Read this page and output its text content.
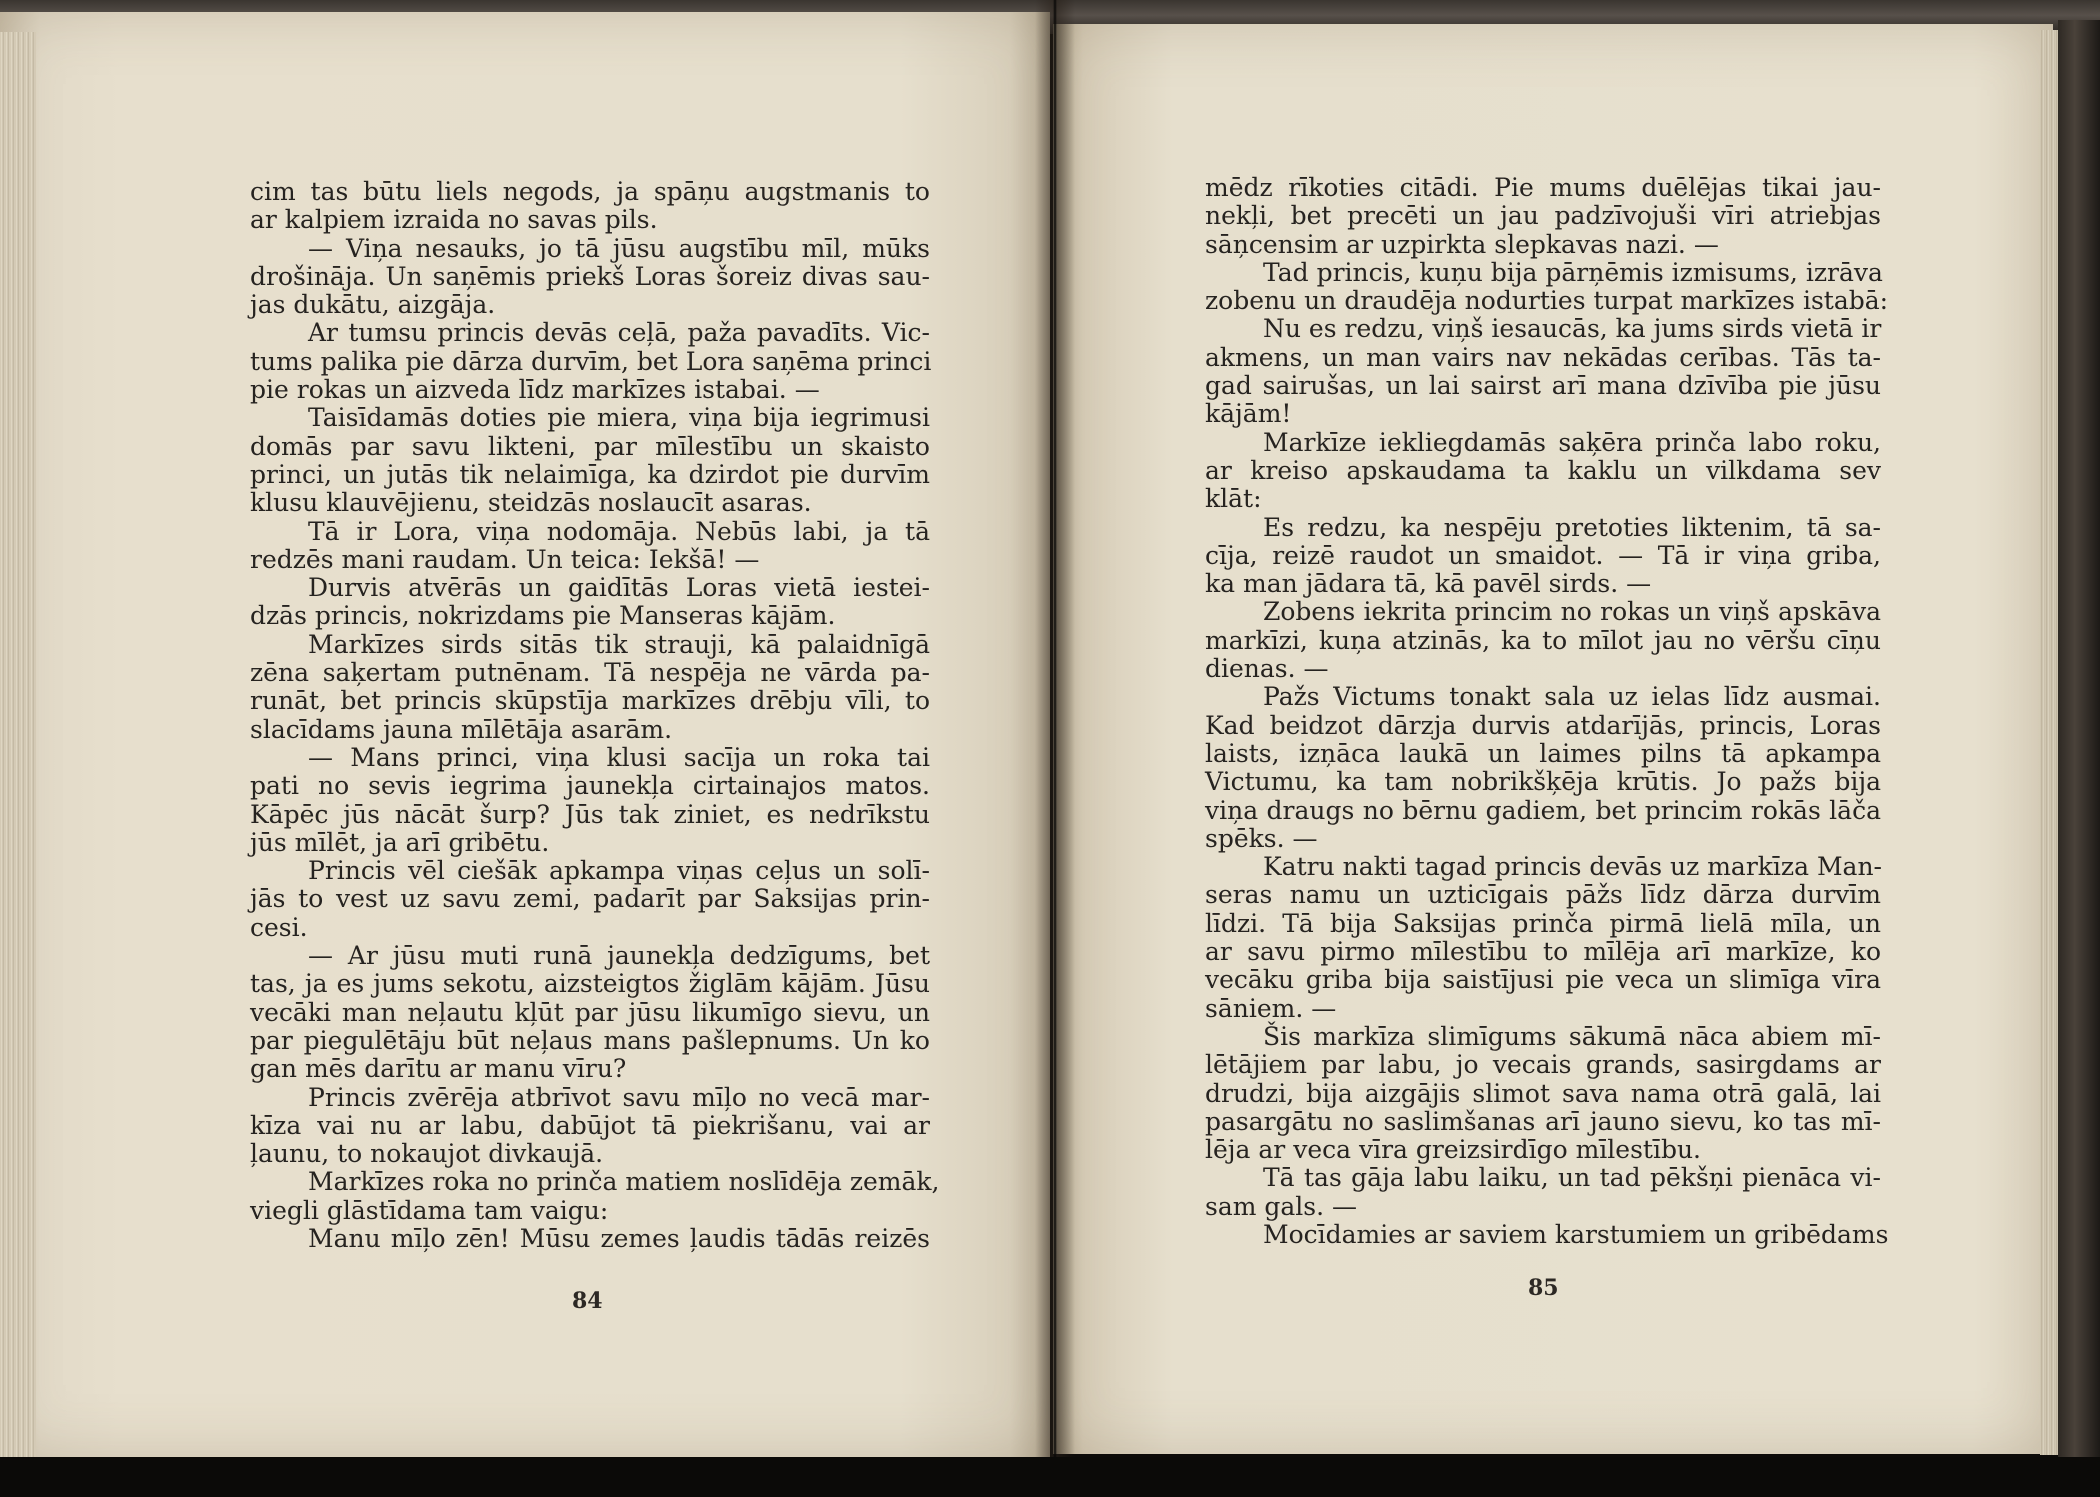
cim tas būtu liels negods, ja spāņu augstmanis to
ar kalpiem izraida no savas pils.
— Viņa nesauks, jo tā jūsu augstību mīl, mūks
drošināja. Un saņēmis priekš Loras šoreiz divas sau-
jas dukātu, aizgāja.
Ar tumsu princis devās ceļā, paža pavadīts. Vic-
tums palika pie dārza durvīm, bet Lora saņēma princi
pie rokas un aizveda līdz markīzes istabai. —
Taisīdamās doties pie miera, viņa bija iegrimusi
domās par savu likteni, par mīlestību un skaisto
princi, un jutās tik nelaimīga, ka dzirdot pie durvīm
klusu klauvējienu, steidzās noslaucīt asaras.
Tā ir Lora, viņa nodomāja. Nebūs labi, ja tā
redzēs mani raudam. Un teica: Iekšā! —
Durvis atvērās un gaidītās Loras vietā iestei-
dzās princis, nokrizdams pie Manseras kājām.
Markīzes sirds sitās tik strauji, kā palaidnīgā
zēna saķertam putnēnam. Tā nespēja ne vārda pa-
runāt, bet princis skūpstīja markīzes drēbju vīli, to
slacīdams jauna mīlētāja asarām.
— Mans princi, viņa klusi sacīja un roka tai
pati no sevis iegrima jaunekļa cirtainajos matos.
Kāpēc jūs nācāt šurp? Jūs tak ziniet, es nedrīkstu
jūs mīlēt, ja arī gribētu.
Princis vēl ciešāk apkampa viņas ceļus un solī-
jās to vest uz savu zemi, padarīt par Saksijas prin-
cesi.
— Ar jūsu muti runā jaunekļa dedzīgums, bet
tas, ja es jums sekotu, aizsteigtos žiglām kājām. Jūsu
vecāki man neļautu kļūt par jūsu likumīgo sievu, un
par piegulētāju būt neļaus mans pašlepnums. Un ko
gan mēs darītu ar manu vīru?
Princis zvērēja atbrīvot savu mīļo no vecā mar-
kīza vai nu ar labu, dabūjot tā piekrišanu, vai ar
ļaunu, to nokaujot divkaujā.
Markīzes roka no prinča matiem noslīdēja zemāk,
viegli glāstīdama tam vaigu:
Manu mīļo zēn! Mūsu zemes ļaudis tādās reizēs
84
mēdz rīkoties citādi. Pie mums duēlējas tikai jau-
nekļi, bet precēti un jau padzīvojuši vīri atriebjas
sāņcensim ar uzpirkta slepkavas nazi. —
Tad princis, kuņu bija pārņēmis izmisums, izrāva
zobenu un draudēja nodurties turpat markīzes istabā:
Nu es redzu, viņš iesaucās, ka jums sirds vietā ir
akmens, un man vairs nav nekādas cerības. Tās ta-
gad sairušas, un lai sairst arī mana dzīvība pie jūsu
kājām!
Markīze iekliegdamās saķēra prinča labo roku,
ar kreiso apskaudama ta kaklu un vilkdama sev
klāt:
Es redzu, ka nespēju pretoties liktenim, tā sa-
cīja, reizē raudot un smaidot. — Tā ir viņa griba,
ka man jādara tā, kā pavēl sirds. —
Zobens iekrita princim no rokas un viņš apskāva
markīzi, kuņa atzinās, ka to mīlot jau no vēršu cīņu
dienas. —
Pažs Victums tonakt sala uz ielas līdz ausmai.
Kad beidzot dārzja durvis atdarījās, princis, Loras
laists, izņāca laukā un laimes pilns tā apkampa
Victumu, ka tam nobrikšķēja krūtis. Jo pažs bija
viņa draugs no bērnu gadiem, bet princim rokās lāča
spēks. —
Katru nakti tagad princis devās uz markīza Man-
seras namu un uzticīgais pāžs līdz dārza durvīm
līdzi. Tā bija Saksijas prinča pirmā lielā mīla, un
ar savu pirmo mīlestību to mīlēja arī markīze, ko
vecāku griba bija saistījusi pie veca un slimīga vīra
sāniem. —
Šis markīza slimīgums sākumā nāca abiem mī-
lētājiem par labu, jo vecais grands, sasirgdams ar
drudzi, bija aizgājis slimot sava nama otrā galā, lai
pasargātu no saslimšanas arī jauno sievu, ko tas mī-
lēja ar veca vīra greizsirdīgo mīlestību.
Tā tas gāja labu laiku, un tad pēkšņi pienāca vi-
sam gals. —
Mocīdamies ar saviem karstumiem un gribēdams
85
